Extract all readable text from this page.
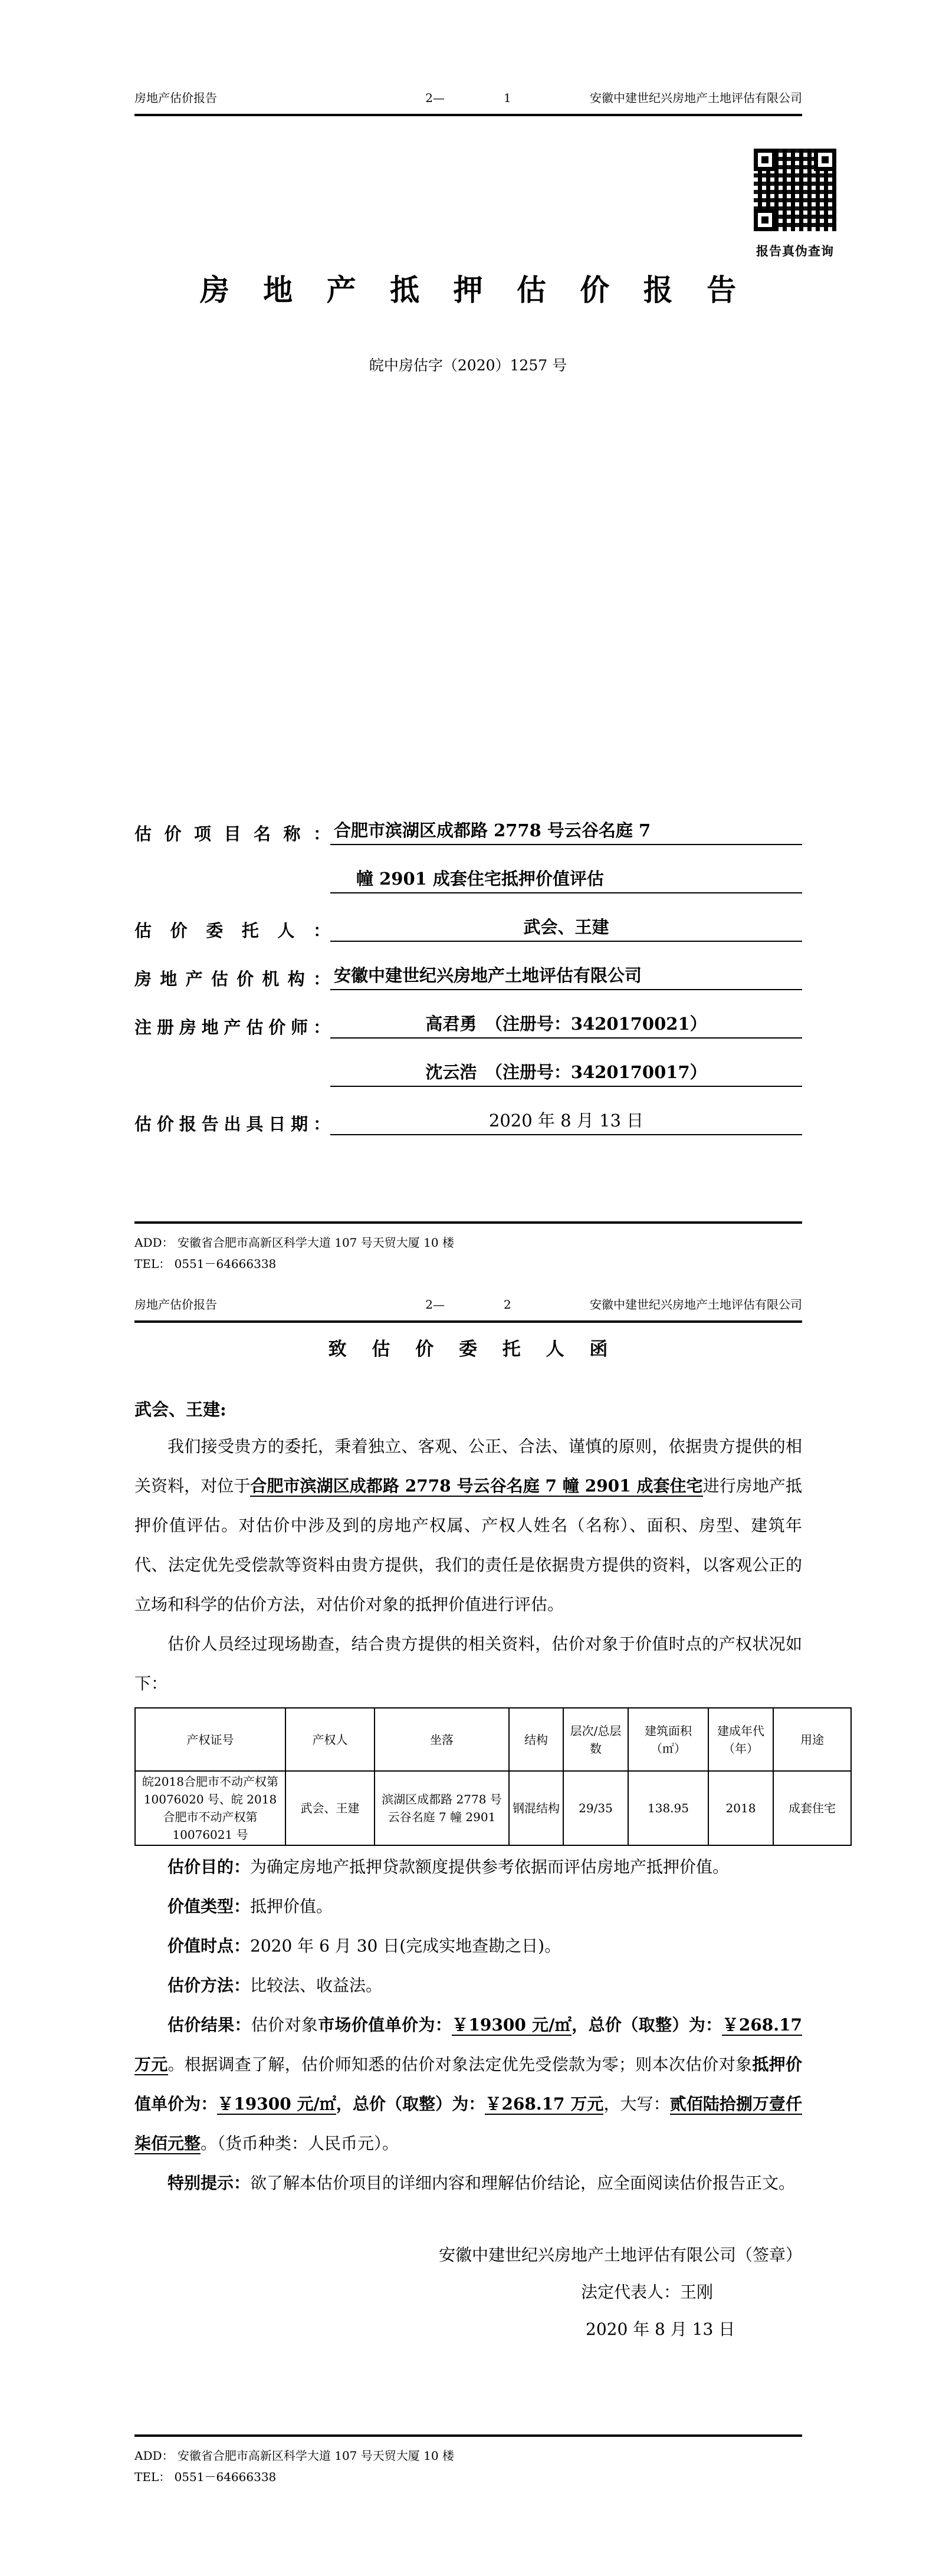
房地产估价报告	2—	1	安徽中建世纪兴房地产土地评估有限公司
报告真伪查询
房 地 产 抵 押 估 价 报 告
皖中房估字（2020）1257 号
估价项目名称： 合肥市滨湖区成都路 2778 号云谷名庭 7
幢 2901 成套住宅抵押价值评估
估价委托人：	武会、王建
房地产估价机构： 安徽中建世纪兴房地产土地评估有限公司
注册房地产估价师：	高君勇　（注册号：3420170021）
沈云浩　（注册号：3420170017）
估价报告出具日期：	2020 年 8 月 13 日
ADD： 安徽省合肥市高新区科学大道 107 号天贸大厦 10 楼
TEL： 0551－64666338
房地产估价报告	2—	2	安徽中建世纪兴房地产土地评估有限公司
致 估 价 委 托 人 函
武会、王建:

我们接受贵方的委托，秉着独立、客观、公正、合法、谨慎的原则，依据贵方提供的相关资料，对位于合肥市滨湖区成都路 2778 号云谷名庭 7 幢 2901 成套住宅进行房地产抵押价值评估。对估价中涉及到的房地产权属、产权人姓名（名称）、面积、房型、建筑年代、法定优先受偿款等资料由贵方提供，我们的责任是依据贵方提供的资料，以客观公正的立场和科学的估价方法，对估价对象的抵押价值进行评估。

估价人员经过现场勘查，结合贵方提供的相关资料，估价对象于价值时点的产权状况如下：

产权证号	产权人	坐落	结构	层次/总层数	建筑面积（㎡）	建成年代（年）	用途
皖2018合肥市不动产权第 10076020 号、皖 2018 合肥市不动产权第 10076021 号	武会、王建	滨湖区成都路 2778 号云谷名庭 7 幢 2901	钢混结构	29/35	138.95	2018	成套住宅

估价目的：为确定房地产抵押贷款额度提供参考依据而评估房地产抵押价值。

价值类型：抵押价值。

价值时点：2020 年 6 月 30 日(完成实地查勘之日)。

估价方法：比较法、收益法。

估价结果：估价对象市场价值单价为：￥19300 元/㎡，总价（取整）为：￥268.17 万元。根据调查了解，估价师知悉的估价对象法定优先受偿款为零；则本次估价对象抵押价值单价为：￥19300 元/㎡，总价（取整）为：￥268.17 万元，大写：贰佰陆拾捌万壹仟柒佰元整。（货币种类：人民币元）。

特别提示：欲了解本估价项目的详细内容和理解估价结论，应全面阅读估价报告正文。

安徽中建世纪兴房地产土地评估有限公司（签章）
法定代表人：王刚
2020 年 8 月 13 日
ADD： 安徽省合肥市高新区科学大道 107 号天贸大厦 10 楼
TEL： 0551－64666338
